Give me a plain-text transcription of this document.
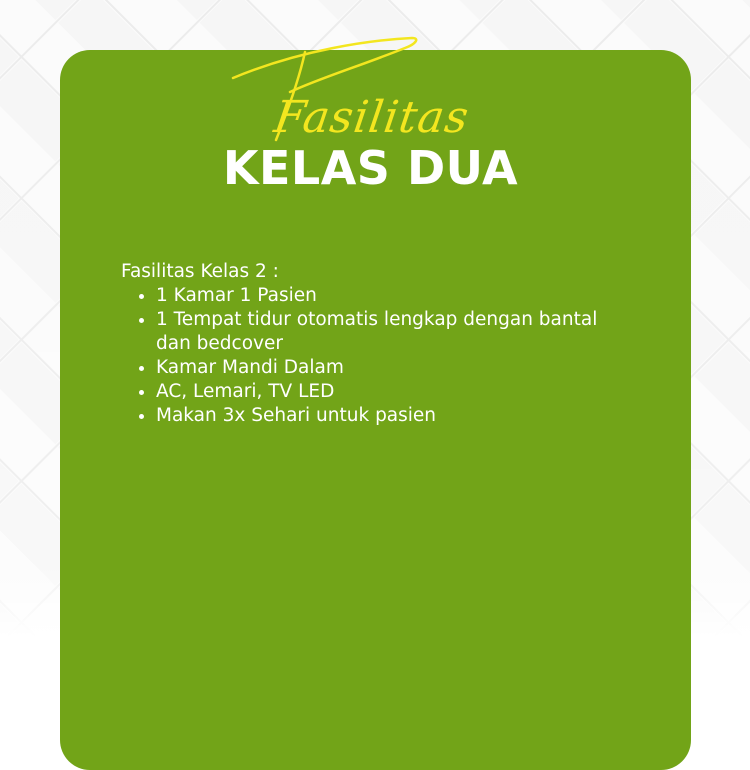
Fasilitas
KELAS DUA

Fasilitas Kelas 2 :

• 1 Kamar 1 Pasien
• 1 Tempat tidur otomatis lengkap dengan bantal dan bedcover
• Kamar Mandi Dalam
• AC, Lemari, TV LED
• Makan 3x Sehari untuk pasien
